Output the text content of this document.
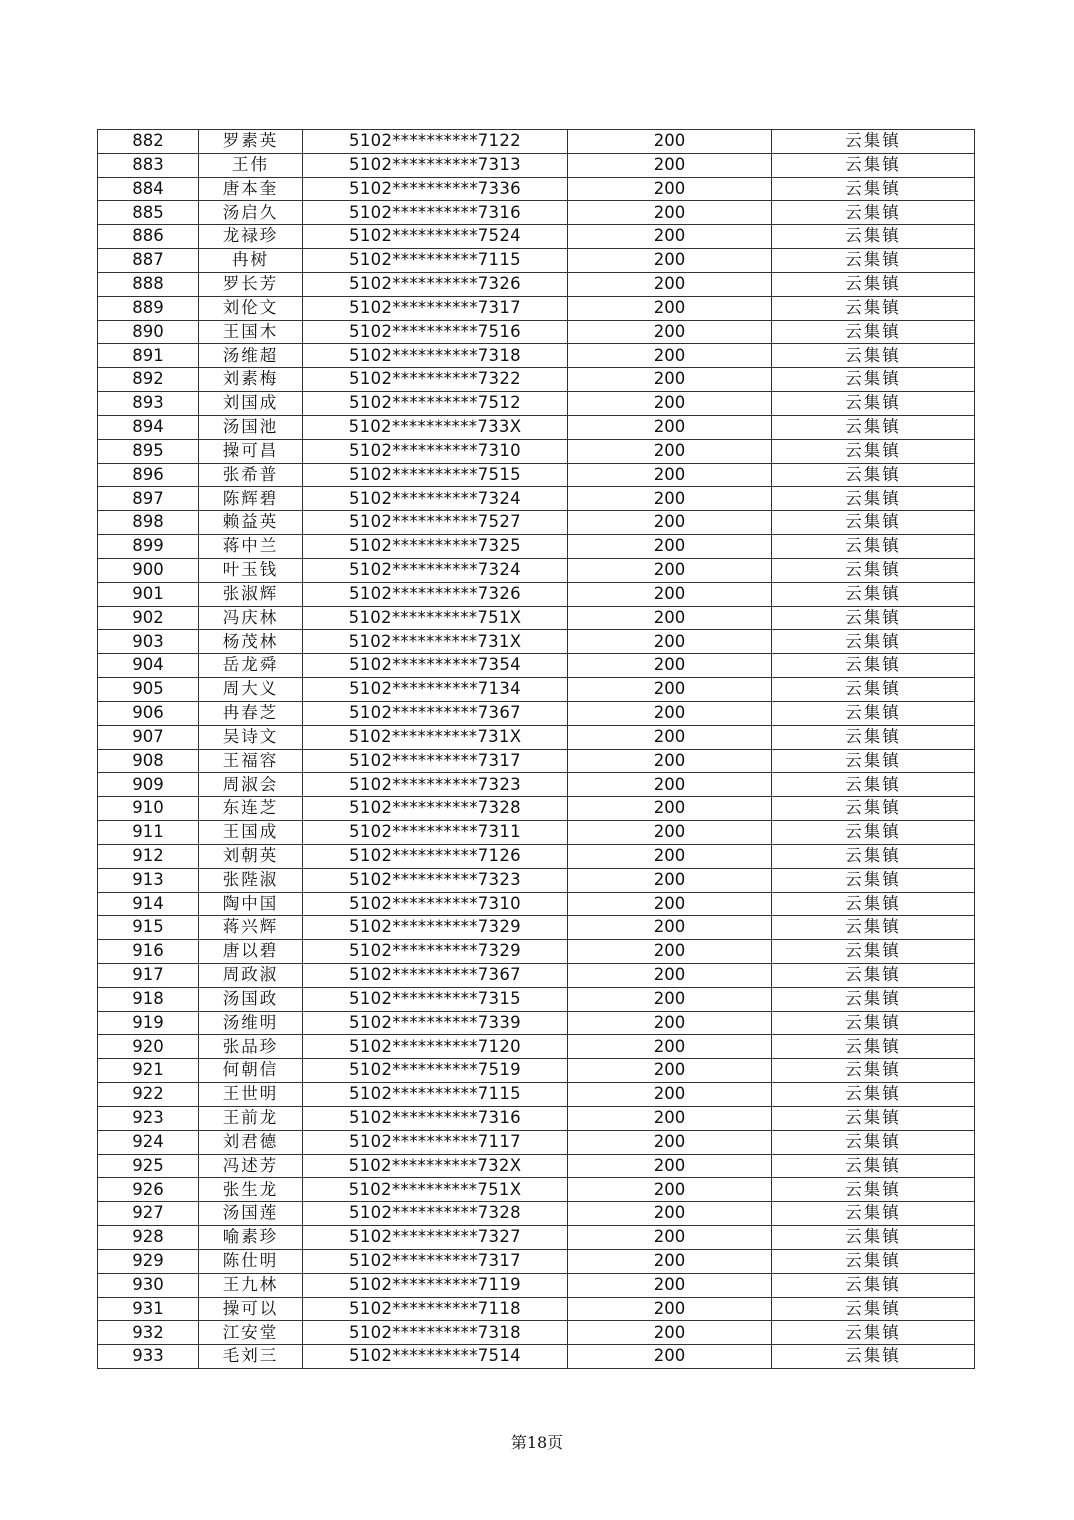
882	罗素英	5102**********7122	200	云集镇
883	王伟	5102**********7313	200	云集镇
884	唐本奎	5102**********7336	200	云集镇
885	汤启久	5102**********7316	200	云集镇
886	龙禄珍	5102**********7524	200	云集镇
887	冉树	5102**********7115	200	云集镇
888	罗长芳	5102**********7326	200	云集镇
889	刘伦文	5102**********7317	200	云集镇
890	王国木	5102**********7516	200	云集镇
891	汤维超	5102**********7318	200	云集镇
892	刘素梅	5102**********7322	200	云集镇
893	刘国成	5102**********7512	200	云集镇
894	汤国池	5102**********733X	200	云集镇
895	操可昌	5102**********7310	200	云集镇
896	张希普	5102**********7515	200	云集镇
897	陈辉碧	5102**********7324	200	云集镇
898	赖益英	5102**********7527	200	云集镇
899	蒋中兰	5102**********7325	200	云集镇
900	叶玉钱	5102**********7324	200	云集镇
901	张淑辉	5102**********7326	200	云集镇
902	冯庆林	5102**********751X	200	云集镇
903	杨茂林	5102**********731X	200	云集镇
904	岳龙舜	5102**********7354	200	云集镇
905	周大义	5102**********7134	200	云集镇
906	冉春芝	5102**********7367	200	云集镇
907	吴诗文	5102**********731X	200	云集镇
908	王福容	5102**********7317	200	云集镇
909	周淑会	5102**********7323	200	云集镇
910	东连芝	5102**********7328	200	云集镇
911	王国成	5102**********7311	200	云集镇
912	刘朝英	5102**********7126	200	云集镇
913	张陛淑	5102**********7323	200	云集镇
914	陶中国	5102**********7310	200	云集镇
915	蒋兴辉	5102**********7329	200	云集镇
916	唐以碧	5102**********7329	200	云集镇
917	周政淑	5102**********7367	200	云集镇
918	汤国政	5102**********7315	200	云集镇
919	汤维明	5102**********7339	200	云集镇
920	张品珍	5102**********7120	200	云集镇
921	何朝信	5102**********7519	200	云集镇
922	王世明	5102**********7115	200	云集镇
923	王前龙	5102**********7316	200	云集镇
924	刘君德	5102**********7117	200	云集镇
925	冯述芳	5102**********732X	200	云集镇
926	张生龙	5102**********751X	200	云集镇
927	汤国莲	5102**********7328	200	云集镇
928	喻素珍	5102**********7327	200	云集镇
929	陈仕明	5102**********7317	200	云集镇
930	王九林	5102**********7119	200	云集镇
931	操可以	5102**********7118	200	云集镇
932	江安堂	5102**********7318	200	云集镇
933	毛刘三	5102**********7514	200	云集镇
第18页
